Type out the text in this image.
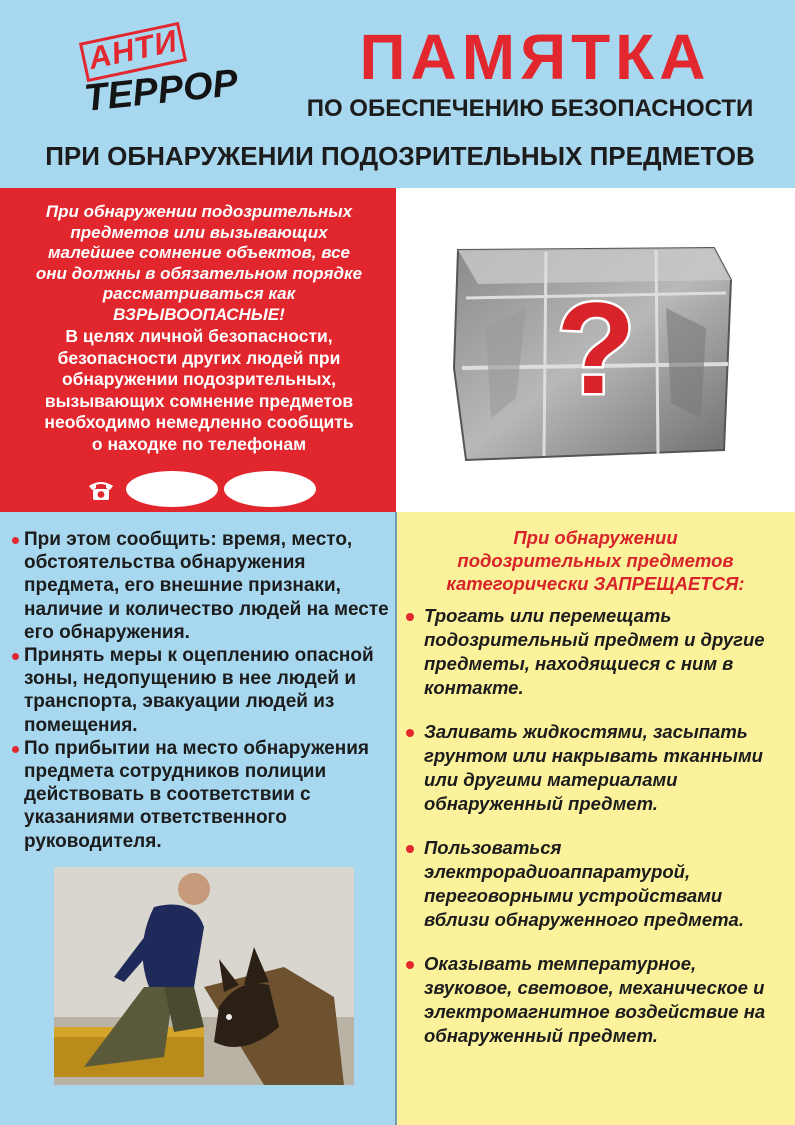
АНТИ
ТЕРРОР	ПАМЯТКА
ПО ОБЕСПЕЧЕНИЮ БЕЗОПАСНОСТИ
ПРИ ОБНАРУЖЕНИИ ПОДОЗРИТЕЛЬНЫХ ПРЕДМЕТОВ
При обнаружении подозрительных
предметов или вызывающих
малейшее сомнение объектов, все
они должны в обязательном порядке
рассматриваться как
ВЗРЫВООПАСНЫЕ!
В целях личной безопасности,
безопасности других людей при
обнаружении подозрительных,
вызывающих сомнение предметов
необходимо немедленно сообщить
о находке по телефонам
?
При этом сообщить: время, место, обстоятельства обнаружения предмета, его внешние признаки, наличие и количество людей на месте его обнаружения.
Принять меры к оцеплению опасной зоны, недопущению в нее людей и транспорта, эвакуации людей из помещения.
По прибытии на место обнаружения предмета сотрудников полиции действовать в соответствии с указаниями ответственного руководителя.
При обнаружении
подозрительных предметов
категорически ЗАПРЕЩАЕТСЯ:
Трогать или перемещать подозрительный предмет и другие предметы, находящиеся с ним в контакте.
Заливать жидкостями, засыпать грунтом или накрывать тканными или другими материалами обнаруженный предмет.
Пользоваться электрорадиоаппаратурой, переговорными устройствами вблизи обнаруженного предмета.
Оказывать температурное, звуковое, световое, механическое и электромагнитное воздействие на обнаруженный предмет.
